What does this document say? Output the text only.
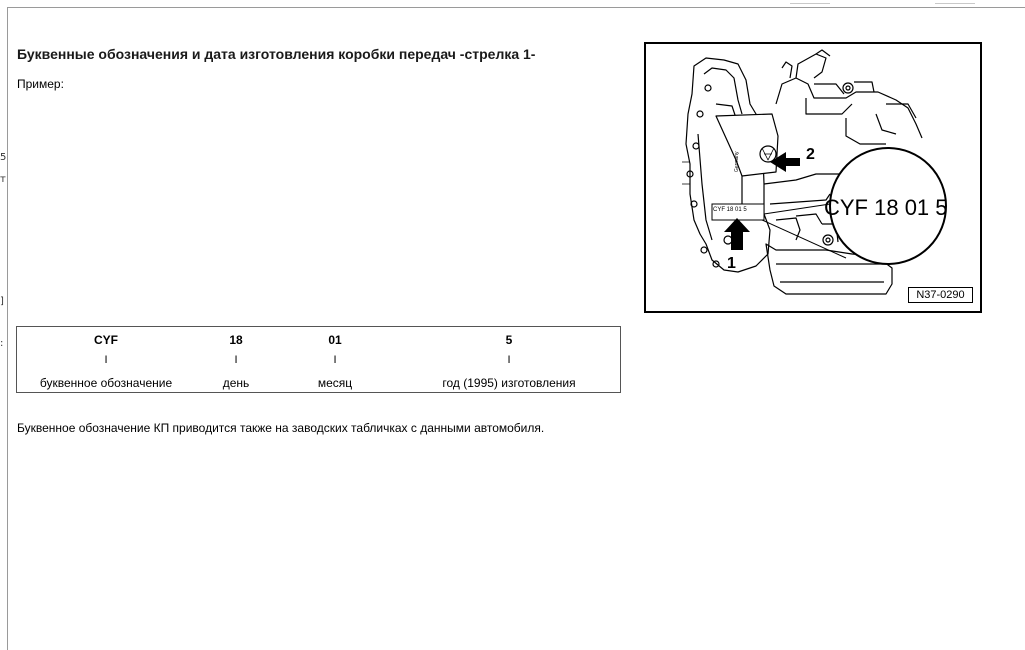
5
т
]
:
Буквенные обозначения и дата изготовления коробки передач -стрелка 1-
Пример:
CYF	18	01	5
I	I	I	I
буквенное обозначение	день	месяц	год (1995) изготовления
Буквенное обозначение КП приводится также на заводских табличках с данными автомобиля.
Germany
CYF 18 01 5	CYF 18 01 5
1
2
N37-0290
